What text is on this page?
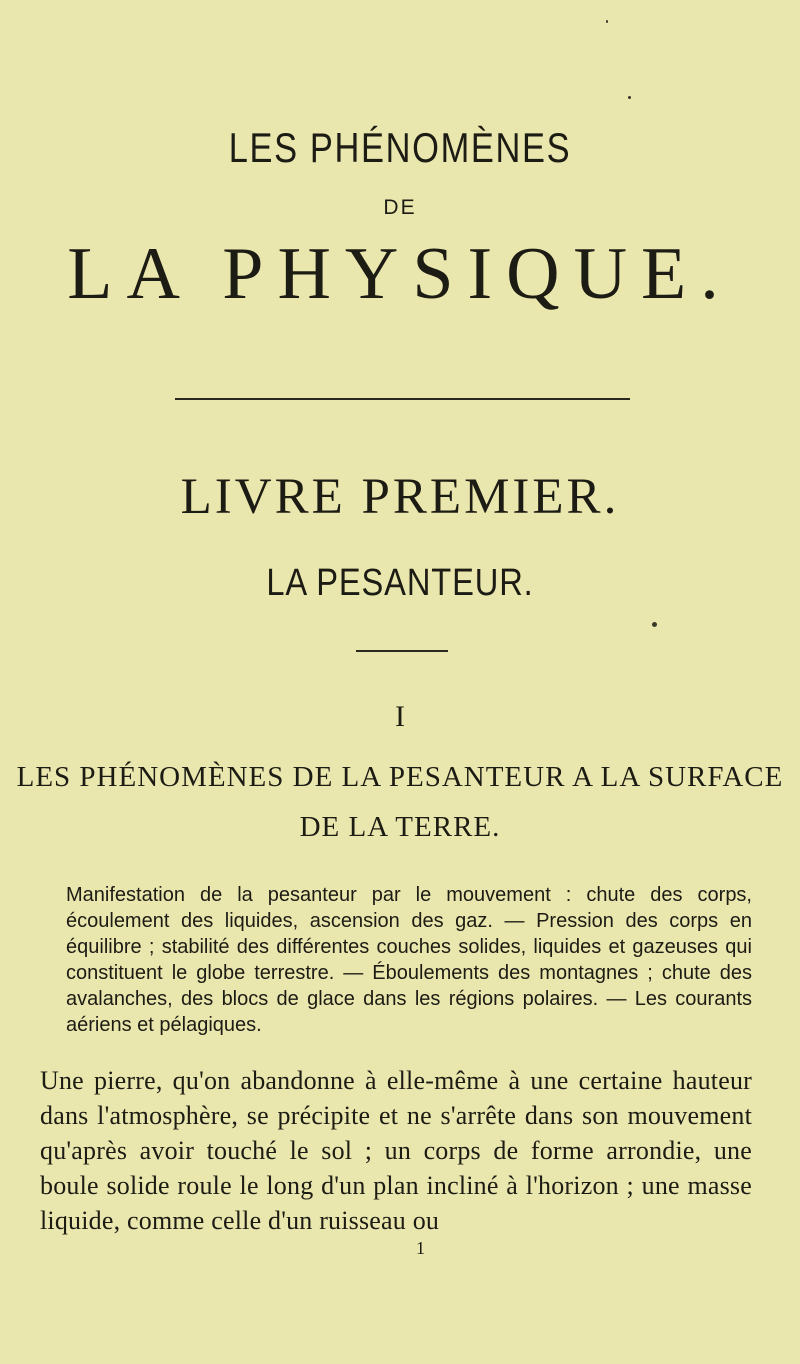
LES PHÉNOMÈNES
DE
LA PHYSIQUE.
LIVRE PREMIER.
LA PESANTEUR.
I
LES PHÉNOMÈNES DE LA PESANTEUR A LA SURFACE
DE LA TERRE.

Manifestation de la pesanteur par le mouvement : chute des corps, écoulement des liquides, ascension des gaz. — Pression des corps en équilibre ; stabilité des différentes couches solides, liquides et gazeuses qui constituent le globe terrestre. — Éboulements des montagnes ; chute des avalanches, des blocs de glace dans les régions polaires. — Les courants aériens et pélagiques.

Une pierre, qu'on abandonne à elle-même à une certaine hauteur dans l'atmosphère, se précipite et ne s'arrête dans son mouvement qu'après avoir touché le sol ; un corps de forme arrondie, une boule solide roule le long d'un plan incliné à l'horizon ; une masse liquide, comme celle d'un ruisseau ou

1
